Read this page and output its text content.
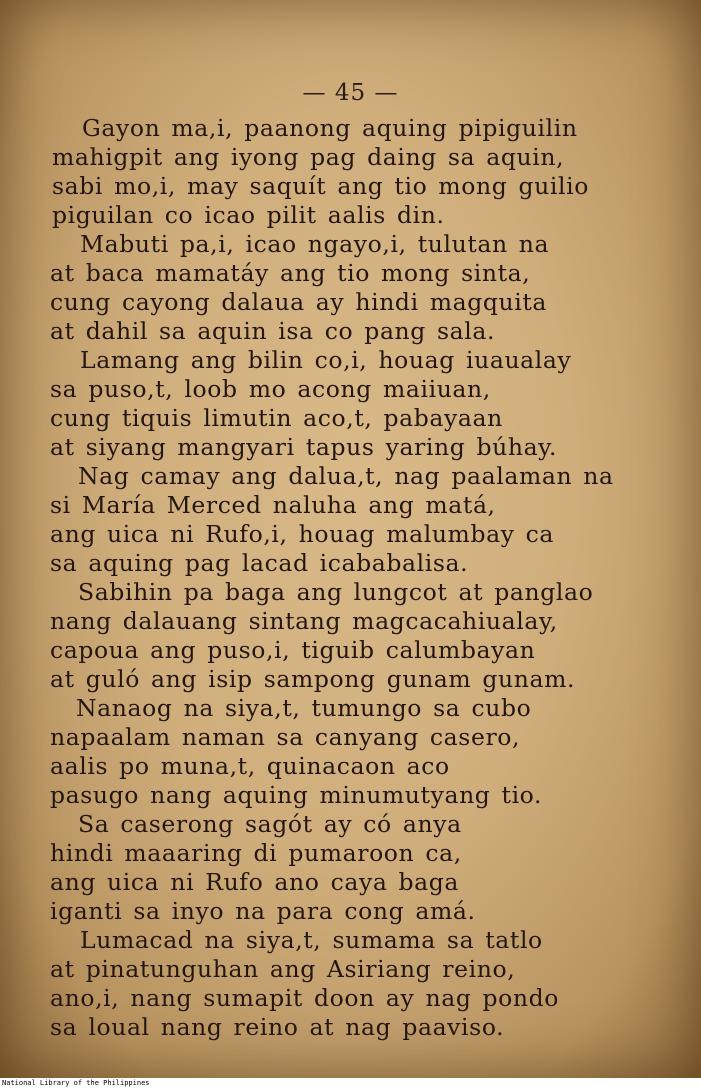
— 45 —
Gayon ma,i, paanong aquing pipiguilin
mahigpit ang iyong pag daing sa aquin,
sabi mo,i, may saquít ang tio mong guilio
piguilan co icao pilit aalis din.
Mabuti pa,i, icao ngayo,i, tulutan na
at baca mamatáy ang tio mong sinta,
cung cayong dalaua ay hindi magquita
at dahil sa aquin isa co pang sala.
Lamang ang bilin co,i, houag iuaualay
sa puso,t, loob mo acong maiiuan,
cung tiquis limutin aco,t, pabayaan
at siyang mangyari tapus yaring búhay.
Nag camay ang dalua,t, nag paalaman na
si María Merced naluha ang matá,
ang uica ni Rufo,i, houag malumbay ca
sa aquing pag lacad icababalisa.
Sabihin pa baga ang lungcot at panglao
nang dalauang sintang magcacahiualay,
capoua ang puso,i, tiguib calumbayan
at guló ang isip sampong gunam gunam.
Nanaog na siya,t, tumungo sa cubo
napaalam naman sa canyang casero,
aalis po muna,t, quinacaon aco
pasugo nang aquing minumutyang tio.
Sa caserong sagót ay có anya
hindi maaaring di pumaroon ca,
ang uica ni Rufo ano caya baga
iganti sa inyo na para cong amá.
Lumacad na siya,t, sumama sa tatlo
at pinatunguhan ang Asiriang reino,
ano,i, nang sumapit doon ay nag pondo
sa loual nang reino at nag paaviso.
National Library of the Philippines
